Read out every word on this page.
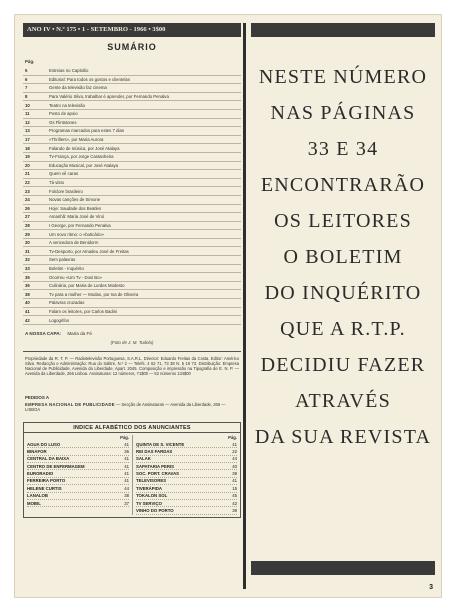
ANO IV • N.º 175 • 1 - SETEMBRO - 1966 • 3$00
SUMÁRIO
Pág.
5	Estreias no Capitólio
6	Editorial: Para todos os gostos e clientelas
7	Gente da televisão faz cinema
8	Para Valério Silva, trabalhar é aprender, por Fernando Penalva
10	Teatro na televisão
11	Posto de apoio
12	Os Flintstones
13	Programas marcados para estes 7 dias
17	«Thrillers», por Maria Aurora
18	Falando de música, por José Atalaya
19	Tv-França, por Jorge Castanheira
20	Educação Musical, por José Atalaya
21	Quem vê caras
22	Tá visto
23	Folclore brasileiro
24	Novas canções de Simone
26	Hoje: Saudade dos Beatles
27	Amanhã: Maria José de Vinó
28	I George, por Fernando Penalva
29	Um novo ritmo: o «boticário»
30	A vencedora de Benidorm
31	Tv-Desporto, por Amadeu José de Freitas
32	Sem palavras
33	Boletim - Inquérito
35	Ocorreu «Um Tv - Dosi Bo»
36	Culinária, por Maria de Lurdes Modesto
38	Tv para a mulher — Modas, por Isa de Oliveira
40	Palavras cruzadas
41	Falam os leitores, por Carlos Badini
42	Logogrifos
A NOSSA CAPA: Maria da Fé
(Foto de J. M. Tudela)
Propriedade da R. T. P. — Radiotelevisão Portuguesa, S.A.R.L. Director: Eduardo Freitas da Costa. Editor: Américo Silva. Redacção e Administração: Rua do Salitre, N.º 2 — Telefs. 4 62 71, 73 38 N. 5 19 73. Distribuição: Empresa Nacional de Publicidade, Avenida da Liberdade, Apart. 2045. Composição e impressão na Tipografia de E. N. P. — Avenida da Liberdade, 266 Lisboa. Assinaturas: 12 números, 71$00 — 52 números 134$00
PEDIDOS A
EMPRESA NACIONAL DE PUBLICIDADE — Secção de Assinaturas — Avenida da Liberdade, 266 — LISBOA
INDICE ALFABÉTICO DOS ANUNCIANTES
Pág.
AGUA DO LUSO	41
BINAFOR	36
CENTRAL DA BAIXA	41
CENTRO DE ENFERMAGEM	41
EURORADIO	41
FERREIRA PORTO	41
HELENE CURTIS	44
LANALOB	38
MOBIL	37
Pág.
QUINTA DE S. VICENTE	41
REI DAS FARDAS	22
SALAK	44
SAPATARIA PERIS	40
SOC. PORT. CRAVAS	39
TELEVISORES	41
TIVERÁPIDA	15
TOKALON SOL	45
TV SERVIÇO	42
VINHO DO PORTO	39
NESTE NÚMERO
NAS PÁGINAS
33 E 34
ENCONTRARÃO
OS LEITORES
O BOLETIM
DO INQUÉRITO
QUE A R.T.P.
DECIDIU FAZER
ATRAVÉS
DA SUA REVISTA
3
